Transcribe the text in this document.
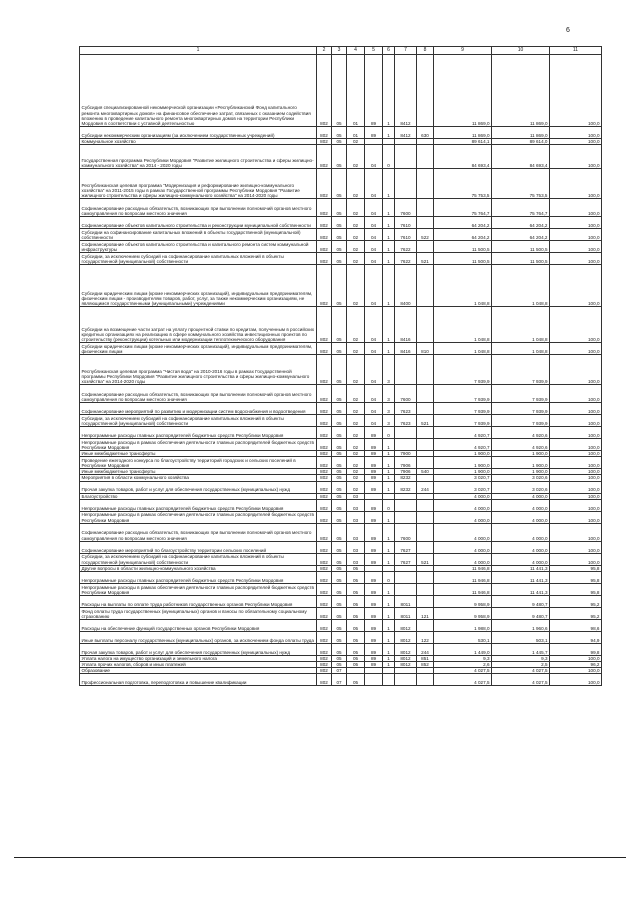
6
1	2	3	4	5	6	7	8	9	10	11
Субсидия специализированной некоммерческой организации «Республиканский Фонд капитального ремонта многоквартирных домов» на финансовое обеспечение затрат, связанных с оказанием содействия вложению в проведение капитального ремонта многоквартирных домов на территории Республики Мордовия в соответствии с уставной деятельностью	802	05	01	89	1	8412		11 869,0	11 869,0	100,0
Субсидии некоммерческим организациям (за исключением государственных учреждений)	802	05	01	89	1	8412	630	11 869,0	11 869,0	100,0
Коммунальное хозяйство	802	05	02					89 614,1	89 614,0	100,0
Государственная программа Республики Мордовия "Развитие жилищного строительства и сферы жилищно-коммунального хозяйства" на 2014 - 2020 годы	802	05	02	04	0			84 693,4	84 693,4	100,0
Республиканская целевая программа "Модернизация и реформирование жилищно-коммунального хозяйства" на 2011-2015 годы в рамках Государственной программы Республики Мордовия "Развитие жилищного строительства и сферы жилищно-коммунального хозяйства" на 2014-2020 годы	802	05	02	04	1			75 753,5	75 753,5	100,0
Софинансирование расходных обязательств, возникающих при выполнении полномочий органов местного самоуправления по вопросам местного значения	802	05	02	04	1	7600		75 764,7	75 764,7	100,0
Софинансирование объектов капитального строительства и реконструкции муниципальной собственности	802	05	02	04	1	7610		64 204,2	64 204,2	100,0
Субсидии на софинансирование капитальных вложений в объекты государственной (муниципальной) собственности	802	05	02	04	1	7610	522	64 204,2	64 204,2	100,0
Софинансирование объектов капитального строительства и капитального ремонта систем коммунальной инфраструктуры	802	05	02	04	1	7622		11 500,5	11 500,5	100,0
Субсидии, за исключением субсидий на софинансирование капитальных вложений в объекты государственной (муниципальной) собственности	802	05	02	04	1	7622	521	11 500,5	11 500,5	100,0
Субсидии юридическим лицам (кроме некоммерческих организаций), индивидуальным предпринимателям, физическим лицам - производителям товаров, работ, услуг, за также некоммерческим организациям, не являющимся государственными (муниципальными) учреждениями	802	05	02	04	1	8400		1 048,8	1 048,8	100,0
Субсидии на возмещение части затрат на уплату процентной ставки по кредитам, полученным в российских кредитных организациях на реализацию в сфере коммунального хозяйства инвестиционных проектов по строительству (реконструкции) котельных или модернизации теплотехнического оборудования	802	05	02	04	1	8416		1 048,8	1 048,8	100,0
Субсидии юридическим лицам (кроме некоммерческих организаций), индивидуальным предпринимателям, физическим лицам	802	05	02	04	1	8416	810	1 048,8	1 048,8	100,0
Республиканская целевая программа "Чистая вода" на 2010-2016 годы в рамках Государственной программы Республики Мордовия "Развитие жилищного строительства и сферы жилищно-коммунального хозяйства" на 2014-2020 годы	802	05	02	04	3			7 939,9	7 939,9	100,0
Софинансирование расходных обязательств, возникающих при выполнении полномочий органов местного самоуправления по вопросам местного значения	802	05	02	04	3	7600		7 939,9	7 939,9	100,0
Софинансирование мероприятий по развитию и модернизации систем водоснабжения и водоотведения	802	05	02	04	3	7623		7 939,9	7 939,9	100,0
Субсидии, за исключением субсидий на софинансирование капитальных вложений в объекты государственной (муниципальной) собственности	802	05	02	04	3	7623	521	7 939,9	7 939,9	100,0
Непрограммные расходы главных распорядителей бюджетных средств Республики Мордовия	802	05	02	89	0			4 920,7	4 920,6	100,0
Непрограммные расходы в рамках обеспечения деятельности главных распорядителей бюджетных средств Республики Мордовия	802	05	02	89	1			4 920,7	4 920,6	100,0
Иные межбюджетные трансферты	802	05	02	89	1	7900		1 900,0	1 900,0	100,0
Проведение ежегодного конкурса по благоустройству территорий городских и сельских поселений в Республике Мордовия	802	05	02	89	1	7906		1 900,0	1 900,0	100,0
Иные межбюджетные трансферты	802	05	02	89	1	7906	540	1 900,0	1 900,0	100,0
Мероприятия в области коммунального хозяйства	802	05	02	89	1	8232		3 020,7	3 020,6	100,0
Прочая закупка товаров, работ и услуг для обеспечения государственных (муниципальных) нужд	802	05	02	89	1	8232	244	3 020,7	3 020,6	100,0
Благоустройство	802	05	03					4 000,0	4 000,0	100,0
Непрограммные расходы главных распорядителей бюджетных средств Республики Мордовия	802	05	03	89	0			4 000,0	4 000,0	100,0
Непрограммные расходы в рамках обеспечения деятельности главных распорядителей бюджетных средств Республики Мордовия	802	05	03	89	1			4 000,0	4 000,0	100,0
Софинансирование расходных обязательств, возникающих при выполнении полномочий органов местного самоуправления по вопросам местного значения	802	05	03	89	1	7600		4 000,0	4 000,0	100,0
Софинансирование мероприятий по благоустройству территории сельских поселений	802	05	03	89	1	7627		4 000,0	4 000,0	100,0
Субсидии, за исключением субсидий на софинансирование капитальных вложений в объекты государственной (муниципальной) собственности	802	05	03	89	1	7627	521	4 000,0	4 000,0	100,0
Другие вопросы в области жилищно-коммунального хозяйства	802	05	05					11 946,8	11 441,3	95,8
Непрограммные расходы главных распорядителей бюджетных средств Республики Мордовия	802	05	05	89	0			11 946,8	11 441,3	95,8
Непрограммные расходы в рамках обеспечения деятельности главных распорядителей бюджетных средств Республики Мордовия	802	05	05	89	1			11 946,8	11 441,3	95,8
Расходы на выплаты по оплате труда работников государственных органов Республики Мордовия	802	05	05	89	1	8011		9 958,9	9 480,7	95,2
Фонд оплаты труда государственных (муниципальных) органов и взносы по обязательному социальному страхованию	802	05	05	89	1	8011	121	9 958,9	9 480,7	95,2
Расходы на обеспечение функций государственных органов Республики Мордовия	802	05	05	89	1	8012		1 988,0	1 960,6	98,6
Иные выплаты персоналу государственных (муниципальных) органов, за исключением фонда оплаты труда	802	05	05	89	1	8012	122	530,1	503,1	94,9
Прочая закупка товаров, работ и услуг для обеспечения государственных (муниципальных) нужд	802	05	05	89	1	8012	244	1 449,0	1 445,7	99,8
Уплата налога на имущество организаций и земельного налога	802	05	05	89	1	8012	851	9,3	9,3	100,0
Уплата прочих налогов, сборов и иных платежей	802	05	05	89	1	8012	852	2,6	2,5	96,2
Образование	802	07						4 027,5	4 027,5	100,0
Профессиональная подготовка, переподготовка и повышение квалификации	802	07	05					4 027,5	4 027,5	100,0
